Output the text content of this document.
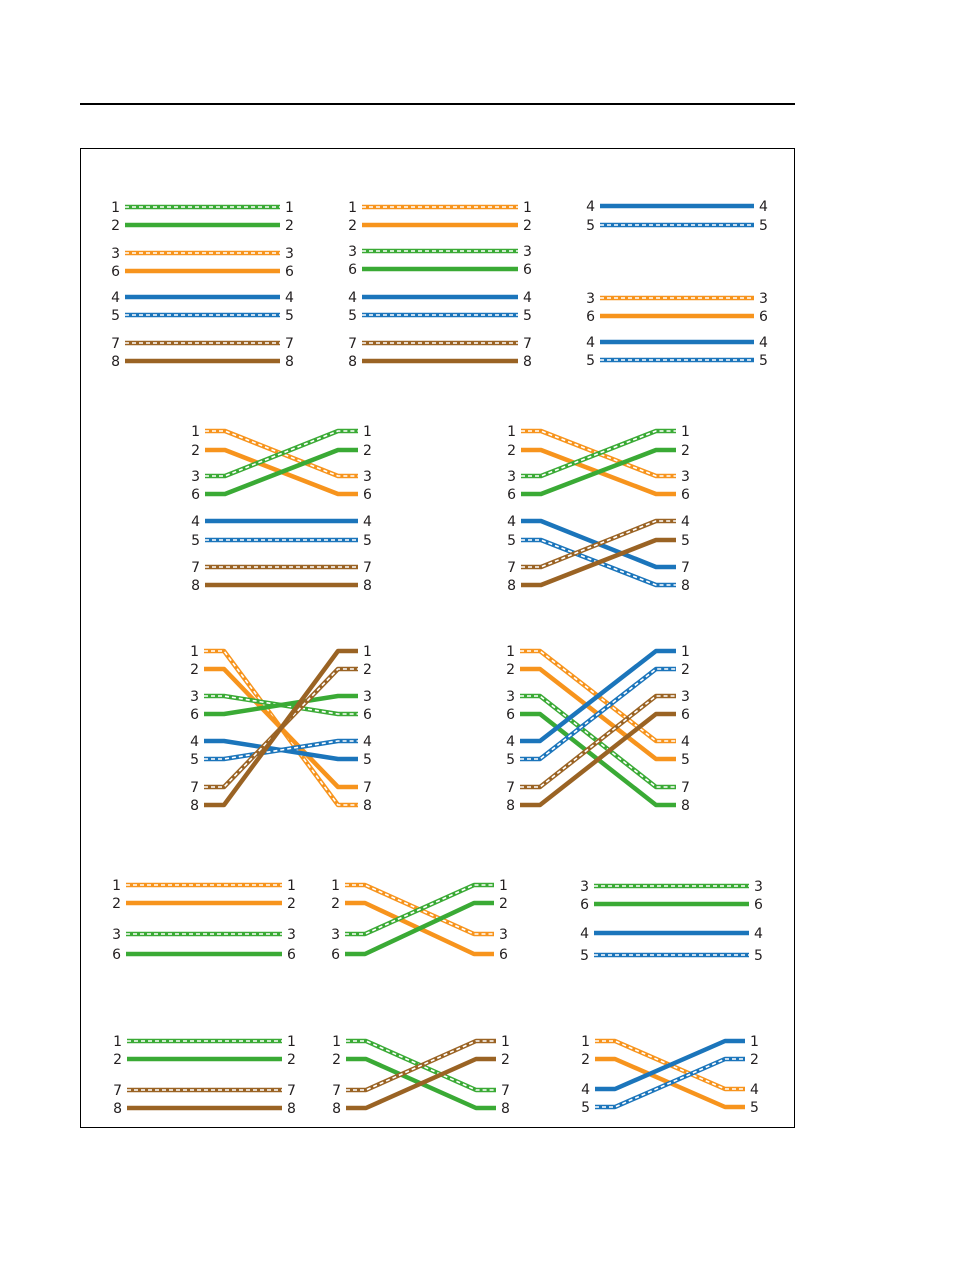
1	1
2	2
3	3
6	6
4	4
5	5
7	7
8	8
1	1
2	2
3	3
6	6
4	4
5	5
7	7
8	8
4	4
5	5
3	3
6	6
4	4
5	5
1
3
2
6
3
1
6
2
4	4
5	5
7	7
8	8
1
3
2
6
3
1
6
2
4
7
5
8
7
4
8
5
1
8
2
7
3
6
6
3
4
5
5
4
7
2
8
1	1
4
2
5
3
7
6
8
4
1
5
2
7
3
8
6
1	1
2	2
3	3
6	6
1
3
2
6
3
1
6
2
3	3
6	6
4	4
5	5
1	1
2	2
7	7
8	8
1
7
2
8
7
1
8
2
1
4
2
5
4
1
5
2
